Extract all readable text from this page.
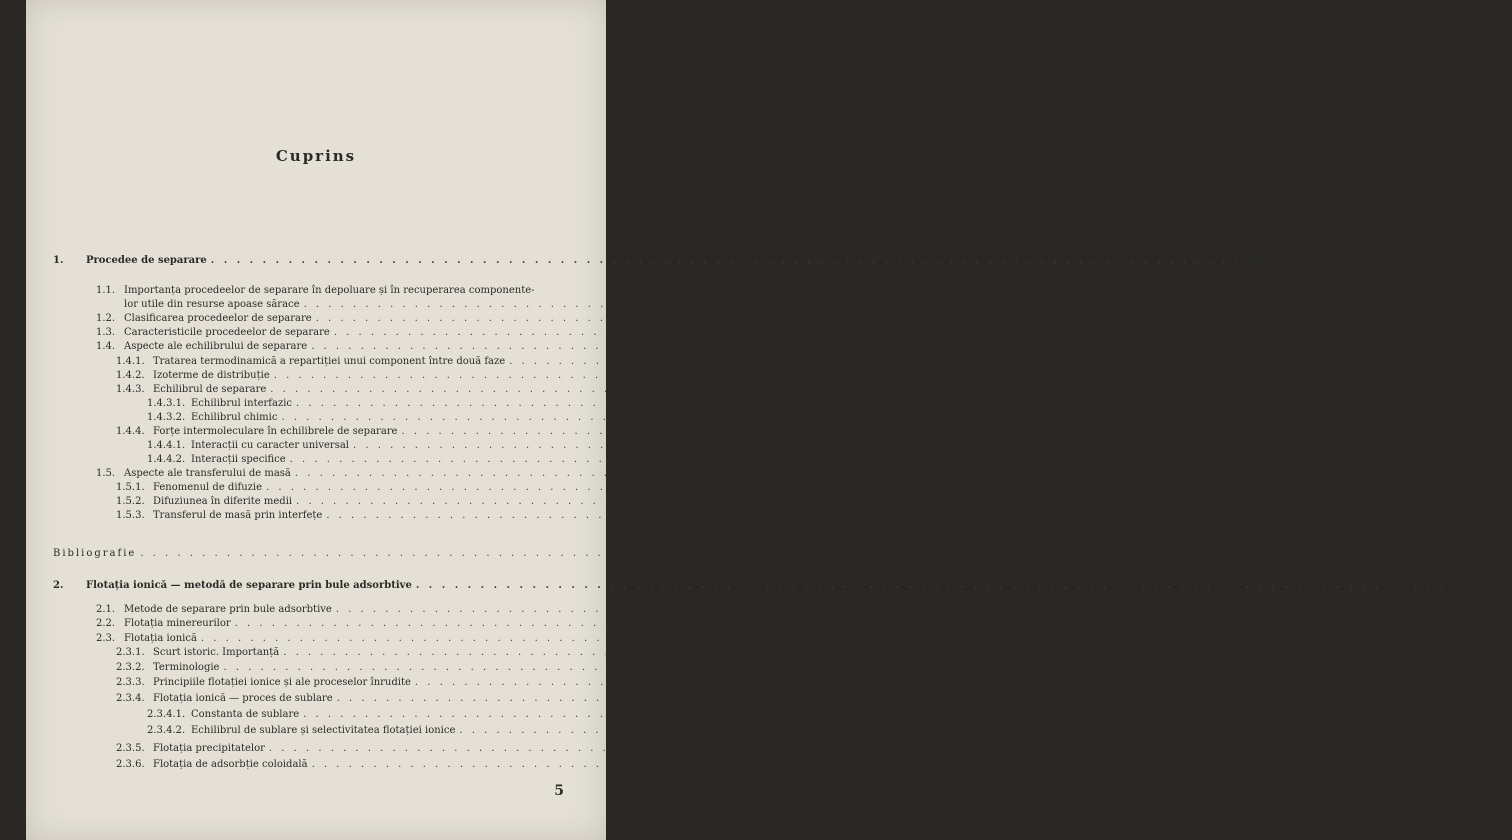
Cuprins
1. Procedee de separare . . . . . . . . . . . . . . . . . . . . . . . . . . . . . . . . . . . . . . . . . . . . . . . . . . . . . . . . . . . . . . . . . . . . . . . . . . . . . . . . 11
1.1. Importanța procedeelor de separare în depoluare și în recuperarea componente-
lor utile din resurse apoase sărace . . . . . . . . . . . . . . . . . . . . . . . . . . . . . . . . . . . . . . . . . . . . . . . . . . . . . . . . . . . . . . . . . . . . . . . . . . . . . . . . 11
1.2. Clasificarea procedeelor de separare . . . . . . . . . . . . . . . . . . . . . . . . . . . . . . . . . . . . . . . . . . . . . . . . . . . . . . . . . . . . . . . . . . . . . . . . . . . . . . . . 14
1.3. Caracteristicile procedeelor de separare . . . . . . . . . . . . . . . . . . . . . . . . . . . . . . . . . . . . . . . . . . . . . . . . . . . . . . . . . . . . . . . . . . . . . . . . . . . . . . . . 17
1.4. Aspecte ale echilibrului de separare . . . . . . . . . . . . . . . . . . . . . . . . . . . . . . . . . . . . . . . . . . . . . . . . . . . . . . . . . . . . . . . . . . . . . . . . . . . . . . . . 19
1.4.1. Tratarea termodinamică a repartiției unui component între două faze . . . . . . . . . . . . . . . . . . . . . . . . . . . . . . . . . . . . . . . . . . . . . . . . . . . . . . . . . . . . . . . . . . . . . . . . . . . . . . . . 19
1.4.2. Izoterme de distribuție . . . . . . . . . . . . . . . . . . . . . . . . . . . . . . . . . . . . . . . . . . . . . . . . . . . . . . . . . . . . . . . . . . . . . . . . . . . . . . . . 22
1.4.3. Echilibrul de separare . . . . . . . . . . . . . . . . . . . . . . . . . . . . . . . . . . . . . . . . . . . . . . . . . . . . . . . . . . . . . . . . . . . . . . . . . . . . . . . . 23
1.4.3.1. Echilibrul interfazic . . . . . . . . . . . . . . . . . . . . . . . . . . . . . . . . . . . . . . . . . . . . . . . . . . . . . . . . . . . . . . . . . . . . . . . . . . . . . . . . 23
1.4.3.2. Echilibrul chimic . . . . . . . . . . . . . . . . . . . . . . . . . . . . . . . . . . . . . . . . . . . . . . . . . . . . . . . . . . . . . . . . . . . . . . . . . . . . . . . . 24
1.4.4. Forțe intermoleculare în echilibrele de separare . . . . . . . . . . . . . . . . . . . . . . . . . . . . . . . . . . . . . . . . . . . . . . . . . . . . . . . . . . . . . . . . . . . . . . . . . . . . . . . . 24
1.4.4.1. Interacții cu caracter universal . . . . . . . . . . . . . . . . . . . . . . . . . . . . . . . . . . . . . . . . . . . . . . . . . . . . . . . . . . . . . . . . . . . . . . . . . . . . . . . . 24
1.4.4.2. Interacții specifice . . . . . . . . . . . . . . . . . . . . . . . . . . . . . . . . . . . . . . . . . . . . . . . . . . . . . . . . . . . . . . . . . . . . . . . . . . . . . . . . 26
1.5. Aspecte ale transferului de masă . . . . . . . . . . . . . . . . . . . . . . . . . . . . . . . . . . . . . . . . . . . . . . . . . . . . . . . . . . . . . . . . . . . . . . . . . . . . . . . . 31
1.5.1. Fenomenul de difuzie . . . . . . . . . . . . . . . . . . . . . . . . . . . . . . . . . . . . . . . . . . . . . . . . . . . . . . . . . . . . . . . . . . . . . . . . . . . . . . . . 31
1.5.2. Difuziunea în diferite medii . . . . . . . . . . . . . . . . . . . . . . . . . . . . . . . . . . . . . . . . . . . . . . . . . . . . . . . . . . . . . . . . . . . . . . . . . . . . . . . . 33
1.5.3. Transferul de masă prin interfețe . . . . . . . . . . . . . . . . . . . . . . . . . . . . . . . . . . . . . . . . . . . . . . . . . . . . . . . . . . . . . . . . . . . . . . . . . . . . . . . . 34
Bibliografie . . . . . . . . . . . . . . . . . . . . . . . . . . . . . . . . . . . . . . . . . . . . . . . . . . . . . . . . . . . . . . . . . . . . . . . . . . . . . . . . 36
2. Flotația ionică — metodă de separare prin bule adsorbtive . . . . . . . . . . . . . . . . . . . . . . . . . . . . . . . . . . . . . . . . . . . . . . . . . . . . . . . . . . . . . . . . . . . . . . . . . . . . . . . . 37
2.1. Metode de separare prin bule adsorbtive . . . . . . . . . . . . . . . . . . . . . . . . . . . . . . . . . . . . . . . . . . . . . . . . . . . . . . . . . . . . . . . . . . . . . . . . . . . . . . . . 37
2.2. Flotația minereurilor . . . . . . . . . . . . . . . . . . . . . . . . . . . . . . . . . . . . . . . . . . . . . . . . . . . . . . . . . . . . . . . . . . . . . . . . . . . . . . . . 39
2.3. Flotația ionică . . . . . . . . . . . . . . . . . . . . . . . . . . . . . . . . . . . . . . . . . . . . . . . . . . . . . . . . . . . . . . . . . . . . . . . . . . . . . . . . 42
2.3.1. Scurt istoric. Importanță . . . . . . . . . . . . . . . . . . . . . . . . . . . . . . . . . . . . . . . . . . . . . . . . . . . . . . . . . . . . . . . . . . . . . . . . . . . . . . . . 42
2.3.2. Terminologie . . . . . . . . . . . . . . . . . . . . . . . . . . . . . . . . . . . . . . . . . . . . . . . . . . . . . . . . . . . . . . . . . . . . . . . . . . . . . . . . 45
2.3.3. Principiile flotației ionice și ale proceselor înrudite . . . . . . . . . . . . . . . . . . . . . . . . . . . . . . . . . . . . . . . . . . . . . . . . . . . . . . . . . . . . . . . . . . . . . . . . . . . . . . . . 47
2.3.4. Flotația ionică — proces de sublare . . . . . . . . . . . . . . . . . . . . . . . . . . . . . . . . . . . . . . . . . . . . . . . . . . . . . . . . . . . . . . . . . . . . . . . . . . . . . . . . 48
2.3.4.1. Constanta de sublare . . . . . . . . . . . . . . . . . . . . . . . . . . . . . . . . . . . . . . . . . . . . . . . . . . . . . . . . . . . . . . . . . . . . . . . . . . . . . . . . 49
2.3.4.2. Echilibrul de sublare și selectivitatea flotației ionice . . . . . . . . . . . . . . . . . . . . . . . . . . . . . . . . . . . . . . . . . . . . . . . . . . . . . . . . . . . . . . . . . . . . . . . . . . . . . . . . 49
2.3.5. Flotația precipitatelor . . . . . . . . . . . . . . . . . . . . . . . . . . . . . . . . . . . . . . . . . . . . . . . . . . . . . . . . . . . . . . . . . . . . . . . . . . . . . . . . 51
2.3.6. Flotația de adsorbție coloidală . . . . . . . . . . . . . . . . . . . . . . . . . . . . . . . . . . . . . . . . . . . . . . . . . . . . . . . . . . . . . . . . . . . . . . . . . . . . . . . . 53
5
